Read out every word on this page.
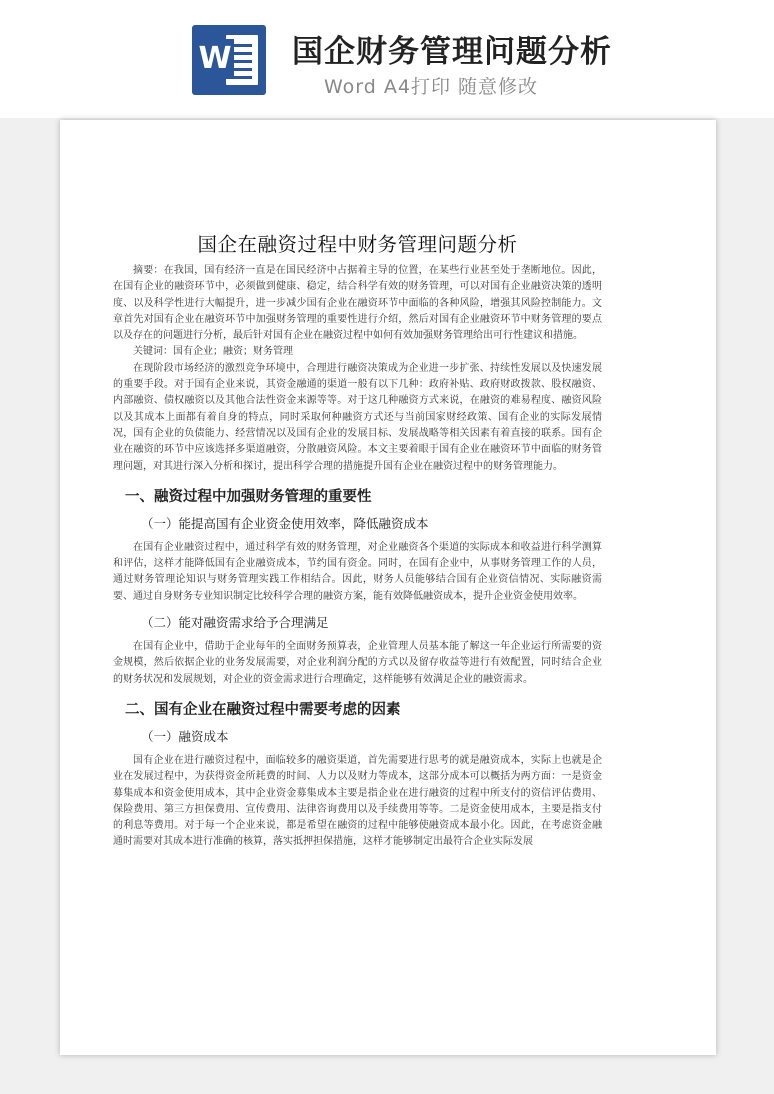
W 国企财务管理问题分析
Word A4打印 随意修改
国企在融资过程中财务管理问题分析

摘要：在我国，国有经济一直是在国民经济中占据着主导的位置，在某些行业甚至处于垄断地位。因此，在国有企业的融资环节中，必须做到健康、稳定，结合科学有效的财务管理，可以对国有企业融资决策的透明度、以及科学性进行大幅提升，进一步减少国有企业在融资环节中面临的各种风险，增强其风险控制能力。文章首先对国有企业在融资环节中加强财务管理的重要性进行介绍，然后对国有企业融资环节中财务管理的要点以及存在的问题进行分析，最后针对国有企业在融资过程中如何有效加强财务管理给出可行性建议和措施。

关键词：国有企业；融资；财务管理

在现阶段市场经济的激烈竞争环境中，合理进行融资决策成为企业进一步扩张、持续性发展以及快速发展的重要手段。对于国有企业来说，其资金融通的渠道一般有以下几种：政府补贴、政府财政拨款、股权融资、内部融资、债权融资以及其他合法性资金来源等等。对于这几种融资方式来说，在融资的难易程度、融资风险以及其成本上面都有着自身的特点，同时采取何种融资方式还与当前国家财经政策、国有企业的实际发展情况，国有企业的负债能力、经营情况以及国有企业的发展目标、发展战略等相关因素有着直接的联系。国有企业在融资的环节中应该选择多渠道融资，分散融资风险。本文主要着眼于国有企业在融资环节中面临的财务管理问题，对其进行深入分析和探讨，提出科学合理的措施提升国有企业在融资过程中的财务管理能力。

一、融资过程中加强财务管理的重要性
（一）能提高国有企业资金使用效率，降低融资成本

在国有企业融资过程中，通过科学有效的财务管理，对企业融资各个渠道的实际成本和收益进行科学测算和评估，这样才能降低国有企业融资成本，节约国有资金。同时，在国有企业中，从事财务管理工作的人员，通过财务管理论知识与财务管理实践工作相结合。因此，财务人员能够结合国有企业资信情况、实际融资需要、通过自身财务专业知识制定比较科学合理的融资方案，能有效降低融资成本，提升企业资金使用效率。

（二）能对融资需求给予合理满足

在国有企业中，借助于企业每年的全面财务预算表，企业管理人员基本能了解这一年企业运行所需要的资金规模，然后依据企业的业务发展需要，对企业利润分配的方式以及留存收益等进行有效配置，同时结合企业的财务状况和发展规划，对企业的资金需求进行合理确定，这样能够有效满足企业的融资需求。

二、国有企业在融资过程中需要考虑的因素
（一）融资成本

国有企业在进行融资过程中，面临较多的融资渠道，首先需要进行思考的就是融资成本，实际上也就是企业在发展过程中，为获得资金所耗费的时间、人力以及财力等成本，这部分成本可以概括为两方面：一是资金募集成本和资金使用成本，其中企业资金募集成本主要是指企业在进行融资的过程中所支付的资信评估费用、保险费用、第三方担保费用、宣传费用、法律咨询费用以及手续费用等等。二是资金使用成本，主要是指支付的利息等费用。对于每一个企业来说，都是希望在融资的过程中能够使融资成本最小化。因此，在考虑资金融通时需要对其成本进行准确的核算，落实抵押担保措施，这样才能够制定出最符合企业实际发展
